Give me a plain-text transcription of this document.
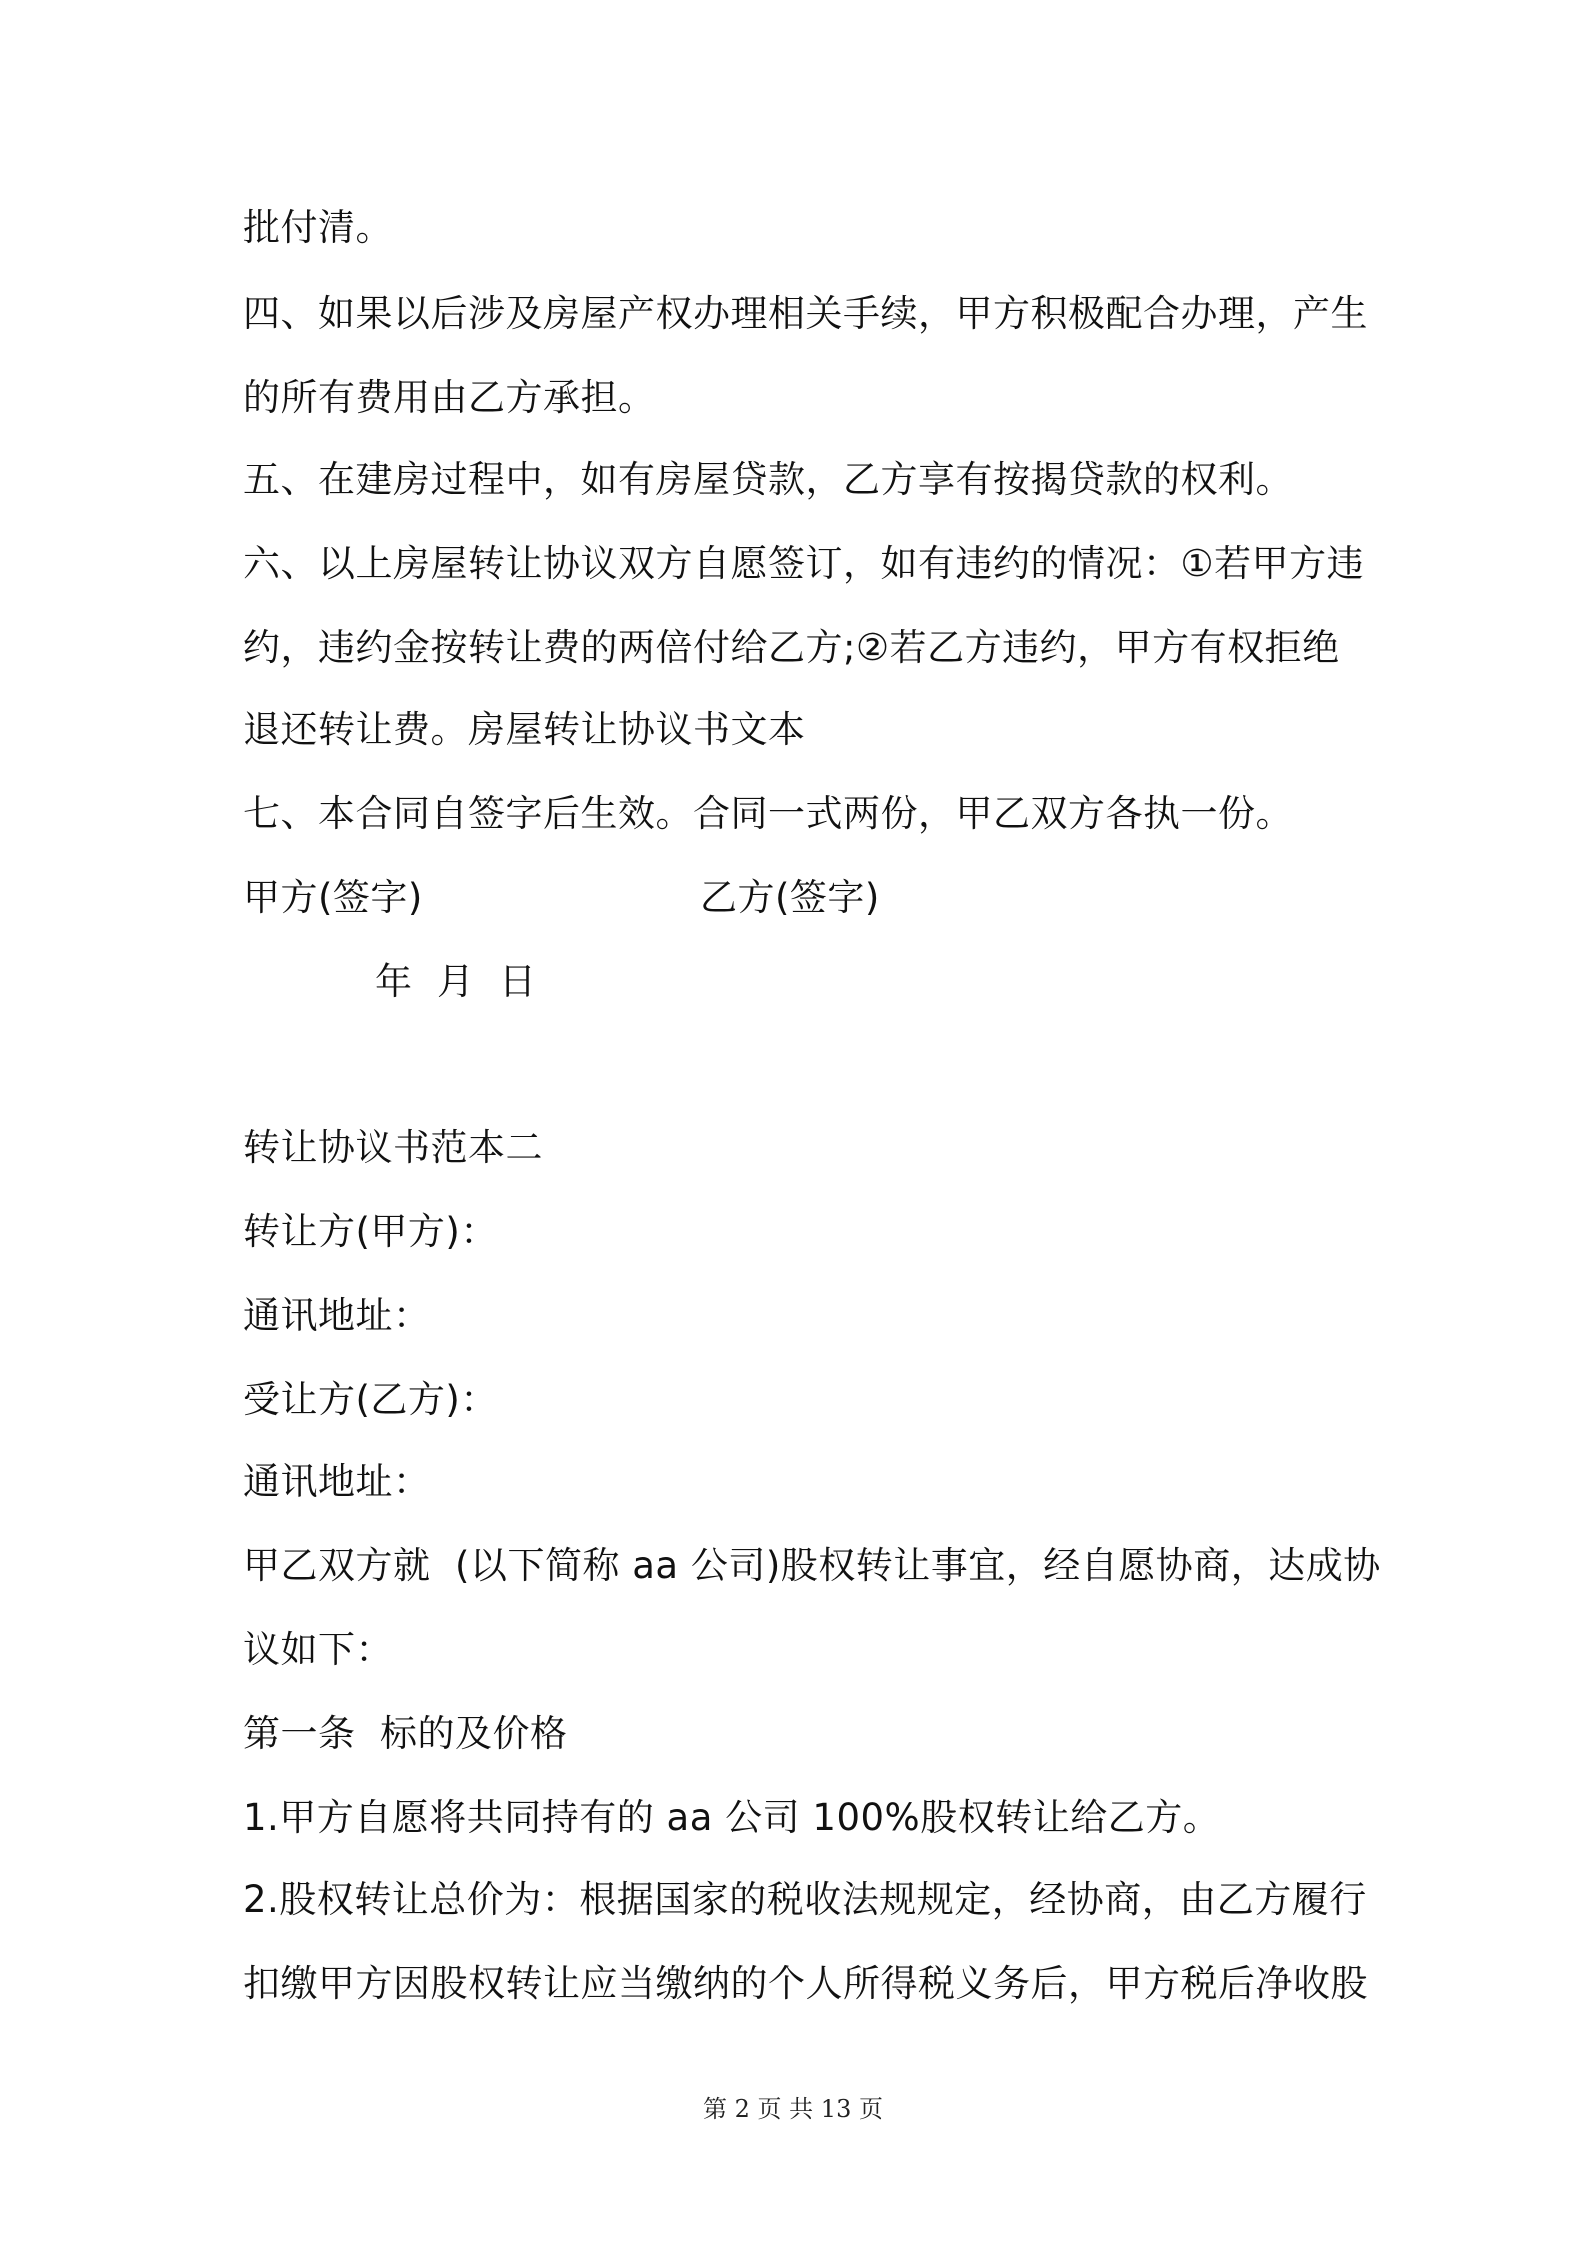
批付清。
四、如果以后涉及房屋产权办理相关手续，甲方积极配合办理，产生
的所有费用由乙方承担。
五、在建房过程中，如有房屋贷款，乙方享有按揭贷款的权利。
六、以上房屋转让协议双方自愿签订，如有违约的情况：①若甲方违
约，违约金按转让费的两倍付给乙方;②若乙方违约，甲方有权拒绝
退还转让费。房屋转让协议书文本
七、本合同自签字后生效。合同一式两份，甲乙双方各执一份。
甲方(签字)	乙方(签字)
年  月  日
转让协议书范本二
转让方(甲方)：
通讯地址：
受让方(乙方)：
通讯地址：
甲乙双方就  (以下简称 aa 公司)股权转让事宜，经自愿协商，达成协
议如下：
第一条  标的及价格
1.甲方自愿将共同持有的 aa 公司 100%股权转让给乙方。
2.股权转让总价为：根据国家的税收法规规定，经协商，由乙方履行
扣缴甲方因股权转让应当缴纳的个人所得税义务后，甲方税后净收股
第 2 页 共 13 页
